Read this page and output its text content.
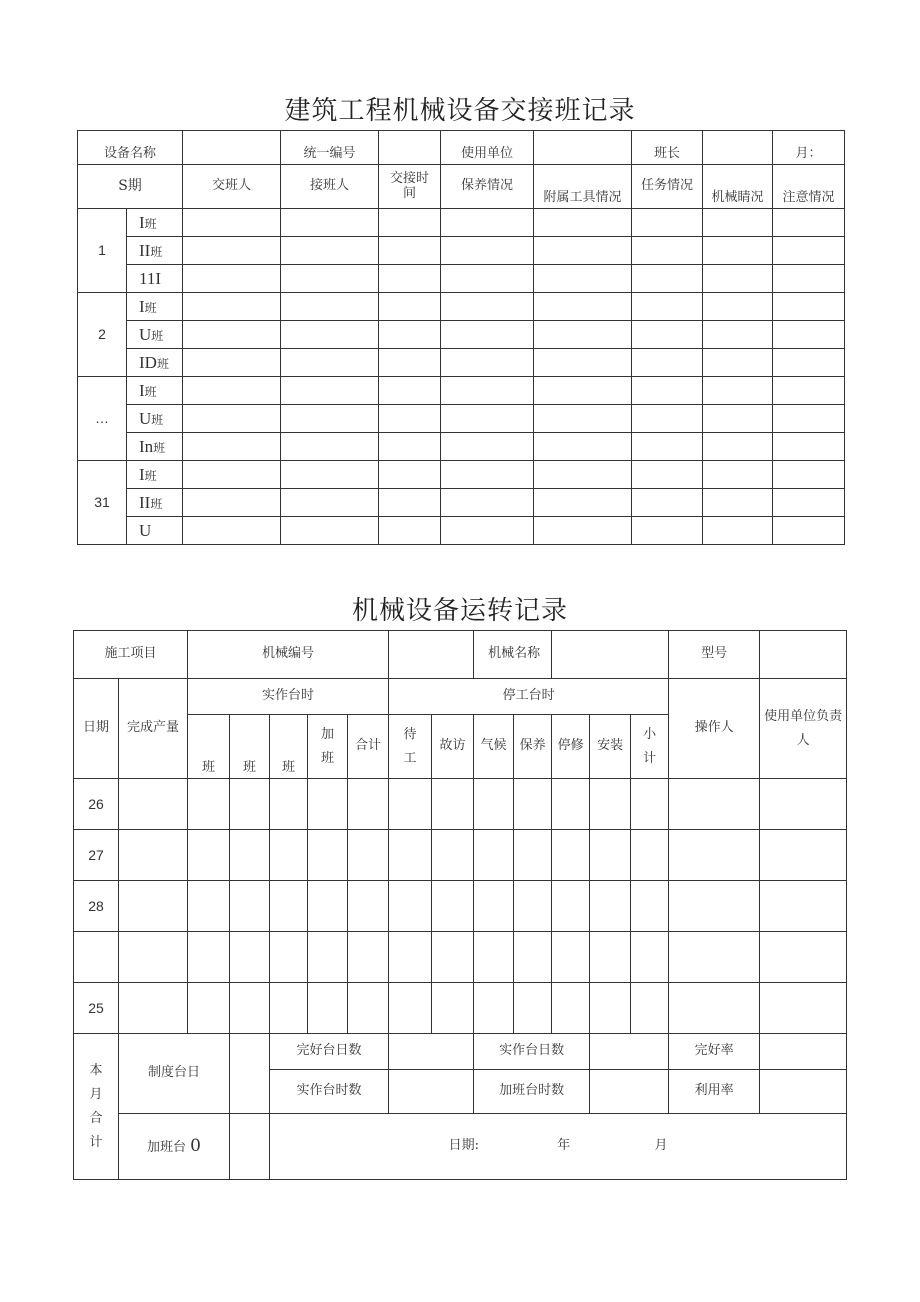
建筑工程机械设备交接班记录
设备名称			统一编号		使用单位		班长		月：
S期		交班人	接班人	交接时间	保养情况	附属工具情况	任务情况	机械睛况	注意情况
1	I班								
	II班								
	11I								
2	I班								
	U班								
	ID班								
…	I班								
	U班								
	In班								
31	I班								
	II班								
	U								
机械设备运转记录
施工项目		机械编号							机械名称					型号	
日期	完成产量	实作台时					停工台时							操作人	使用单位负责人
		班	班	班	加班	合计	待工	故访	气候	保养	停修	安装	小计		
26															
27															
28															

25															
本月合计	制度台日			完好台日数					实作台日数					完好率	
				实作台时数					加班台时数					利用率	
	加班台 0			日期: 年 月											
